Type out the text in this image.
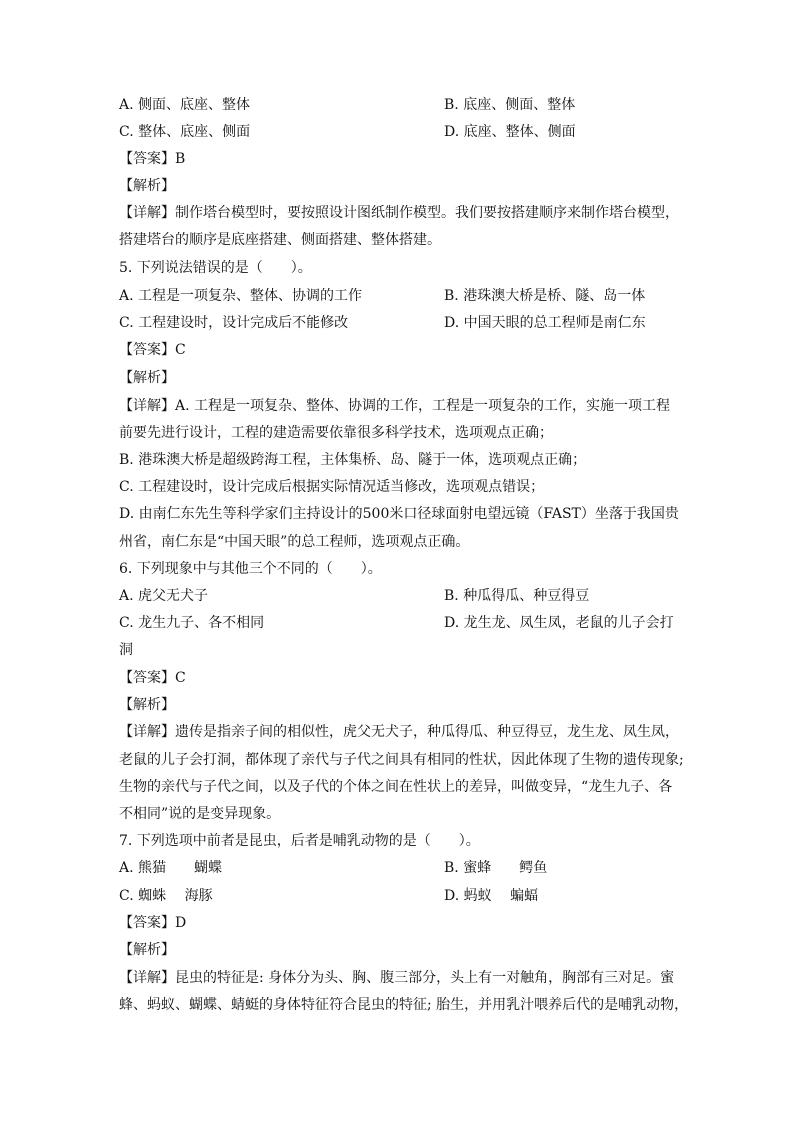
A. 侧面、底座、整体	B. 底座、侧面、整体
C. 整体、底座、侧面	D. 底座、整体、侧面
【答案】B
【解析】
【详解】制作塔台模型时，要按照设计图纸制作模型。我们要按搭建顺序来制作塔台模型，
搭建塔台的顺序是底座搭建、侧面搭建、整体搭建。
5. 下列说法错误的是（　　）。
A. 工程是一项复杂、整体、协调的工作	B. 港珠澳大桥是桥、隧、岛一体
C. 工程建设时，设计完成后不能修改	D. 中国天眼的总工程师是南仁东
【答案】C
【解析】
【详解】A. 工程是一项复杂、整体、协调的工作，工程是一项复杂的工作，实施一项工程
前要先进行设计，工程的建造需要依靠很多科学技术，选项观点正确；
B. 港珠澳大桥是超级跨海工程，主体集桥、岛、隧于一体，选项观点正确；
C. 工程建设时，设计完成后根据实际情况适当修改，选项观点错误；
D. 由南仁东先生等科学家们主持设计的500米口径球面射电望远镜（FAST）坐落于我国贵
州省，南仁东是“中国天眼”的总工程师，选项观点正确。
6. 下列现象中与其他三个不同的（　　）。
A. 虎父无犬子	B. 种瓜得瓜、种豆得豆
C. 龙生九子、各不相同	D. 龙生龙、凤生凤，老鼠的儿子会打
洞
【答案】C
【解析】
【详解】遗传是指亲子间的相似性，虎父无犬子，种瓜得瓜、种豆得豆，龙生龙、凤生凤，
老鼠的儿子会打洞，都体现了亲代与子代之间具有相同的性状，因此体现了生物的遗传现象;
生物的亲代与子代之间，以及子代的个体之间在性状上的差异，叫做变异，“龙生九子、各
不相同”说的是变异现象。
7. 下列选项中前者是昆虫，后者是哺乳动物的是（　　）。
A. 熊猫　　蝴蝶	B. 蜜蜂　　鳄鱼
C. 蜘蛛　 海豚	D. 蚂蚁　 蝙蝠
【答案】D
【解析】
【详解】昆虫的特征是: 身体分为头、胸、腹三部分，头上有一对触角，胸部有三对足。蜜
蜂、蚂蚁、蝴蝶、蜻蜓的身体特征符合昆虫的特征; 胎生，并用乳汁喂养后代的是哺乳动物，
